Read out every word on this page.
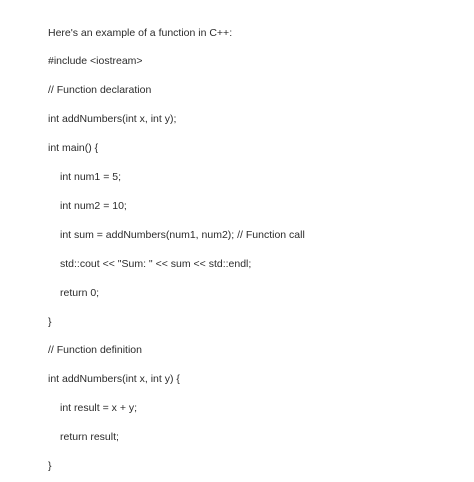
Here's an example of a function in C++:
#include <iostream>
// Function declaration
int addNumbers(int x, int y);
int main() {
int num1 = 5;
int num2 = 10;
int sum = addNumbers(num1, num2); // Function call
std::cout << "Sum: " << sum << std::endl;
return 0;
}
// Function definition
int addNumbers(int x, int y) {
int result = x + y;
return result;
}
